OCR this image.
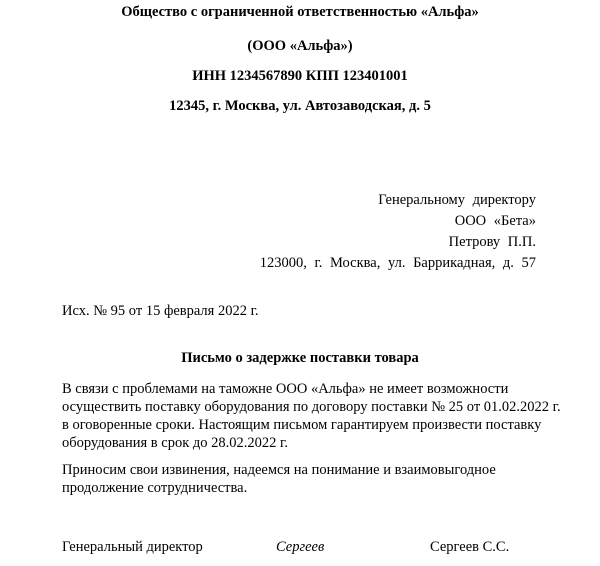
Общество с ограниченной ответственностью «Альфа»
(ООО «Альфа»)
ИНН 1234567890 КПП 123401001
12345, г. Москва, ул. Автозаводская, д. 5
Генеральному директору
ООО «Бета»
Петрову П.П.
123000, г. Москва, ул. Баррикадная, д. 57
Исх. № 95 от 15 февраля 2022 г.
Письмо о задержке поставки товара
В связи с проблемами на таможне ООО «Альфа» не имеет возможности
осуществить поставку оборудования по договору поставки № 25 от 01.02.2022 г.
в оговоренные сроки. Настоящим письмом гарантируем произвести поставку
оборудования в срок до 28.02.2022 г.
Приносим свои извинения, надеемся на понимание и взаимовыгодное
продолжение сотрудничества.
Генеральный директор	Сергеев	Сергеев С.С.
